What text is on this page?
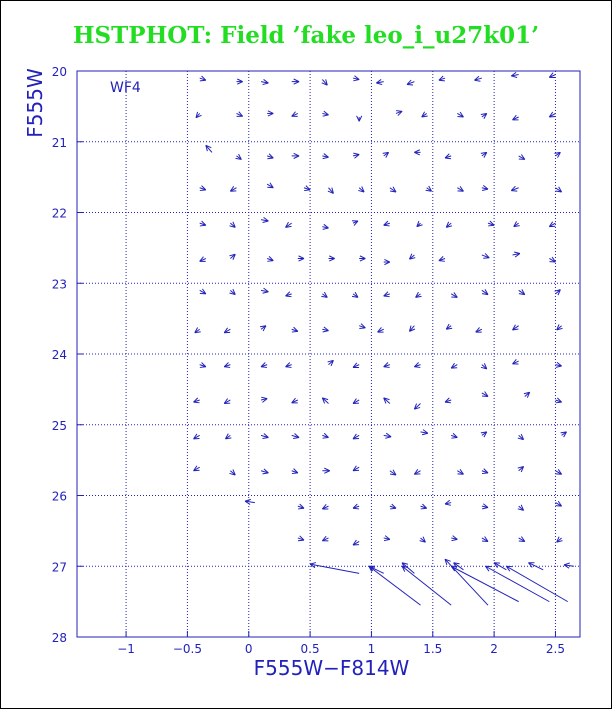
HSTPHOT: Field ’fake leo_i_u27k01’
−1	−0.5	0	0.5	1	1.5	2	2.5
20
21
22
23
24
25
26
27
28
WF4
F555W−F814W
F555W
